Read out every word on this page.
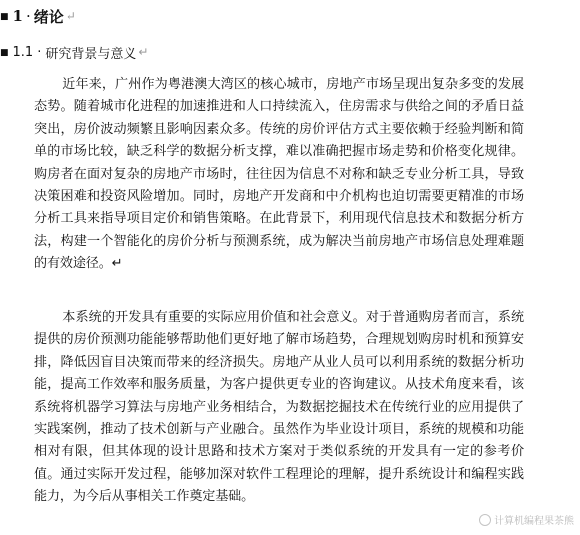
■ 1 · 绪论 ↵
■ 1.1 · 研究背景与意义 ↵

近年来，广州作为粤港澳大湾区的核心城市，房地产市场呈现出复杂多变的发展态势。随着城市化进程的加速推进和人口持续流入，住房需求与供给之间的矛盾日益突出，房价波动频繁且影响因素众多。传统的房价评估方式主要依赖于经验判断和简单的市场比较，缺乏科学的数据分析支撑，难以准确把握市场走势和价格变化规律。购房者在面对复杂的房地产市场时，往往因为信息不对称和缺乏专业分析工具，导致决策困难和投资风险增加。同时，房地产开发商和中介机构也迫切需要更精准的市场分析工具来指导项目定价和销售策略。在此背景下，利用现代信息技术和数据分析方法，构建一个智能化的房价分析与预测系统，成为解决当前房地产市场信息处理难题的有效途径。↵

本系统的开发具有重要的实际应用价值和社会意义。对于普通购房者而言，系统提供的房价预测功能能够帮助他们更好地了解市场趋势，合理规划购房时机和预算安排，降低因盲目决策而带来的经济损失。房地产从业人员可以利用系统的数据分析功能，提高工作效率和服务质量，为客户提供更专业的咨询建议。从技术角度来看，该系统将机器学习算法与房地产业务相结合，为数据挖掘技术在传统行业的应用提供了实践案例，推动了技术创新与产业融合。虽然作为毕业设计项目，系统的规模和功能相对有限，但其体现的设计思路和技术方案对于类似系统的开发具有一定的参考价值。通过实际开发过程，能够加深对软件工程理论的理解，提升系统设计和编程实践能力，为今后从事相关工作奠定基础。

计算机编程果茶熊
